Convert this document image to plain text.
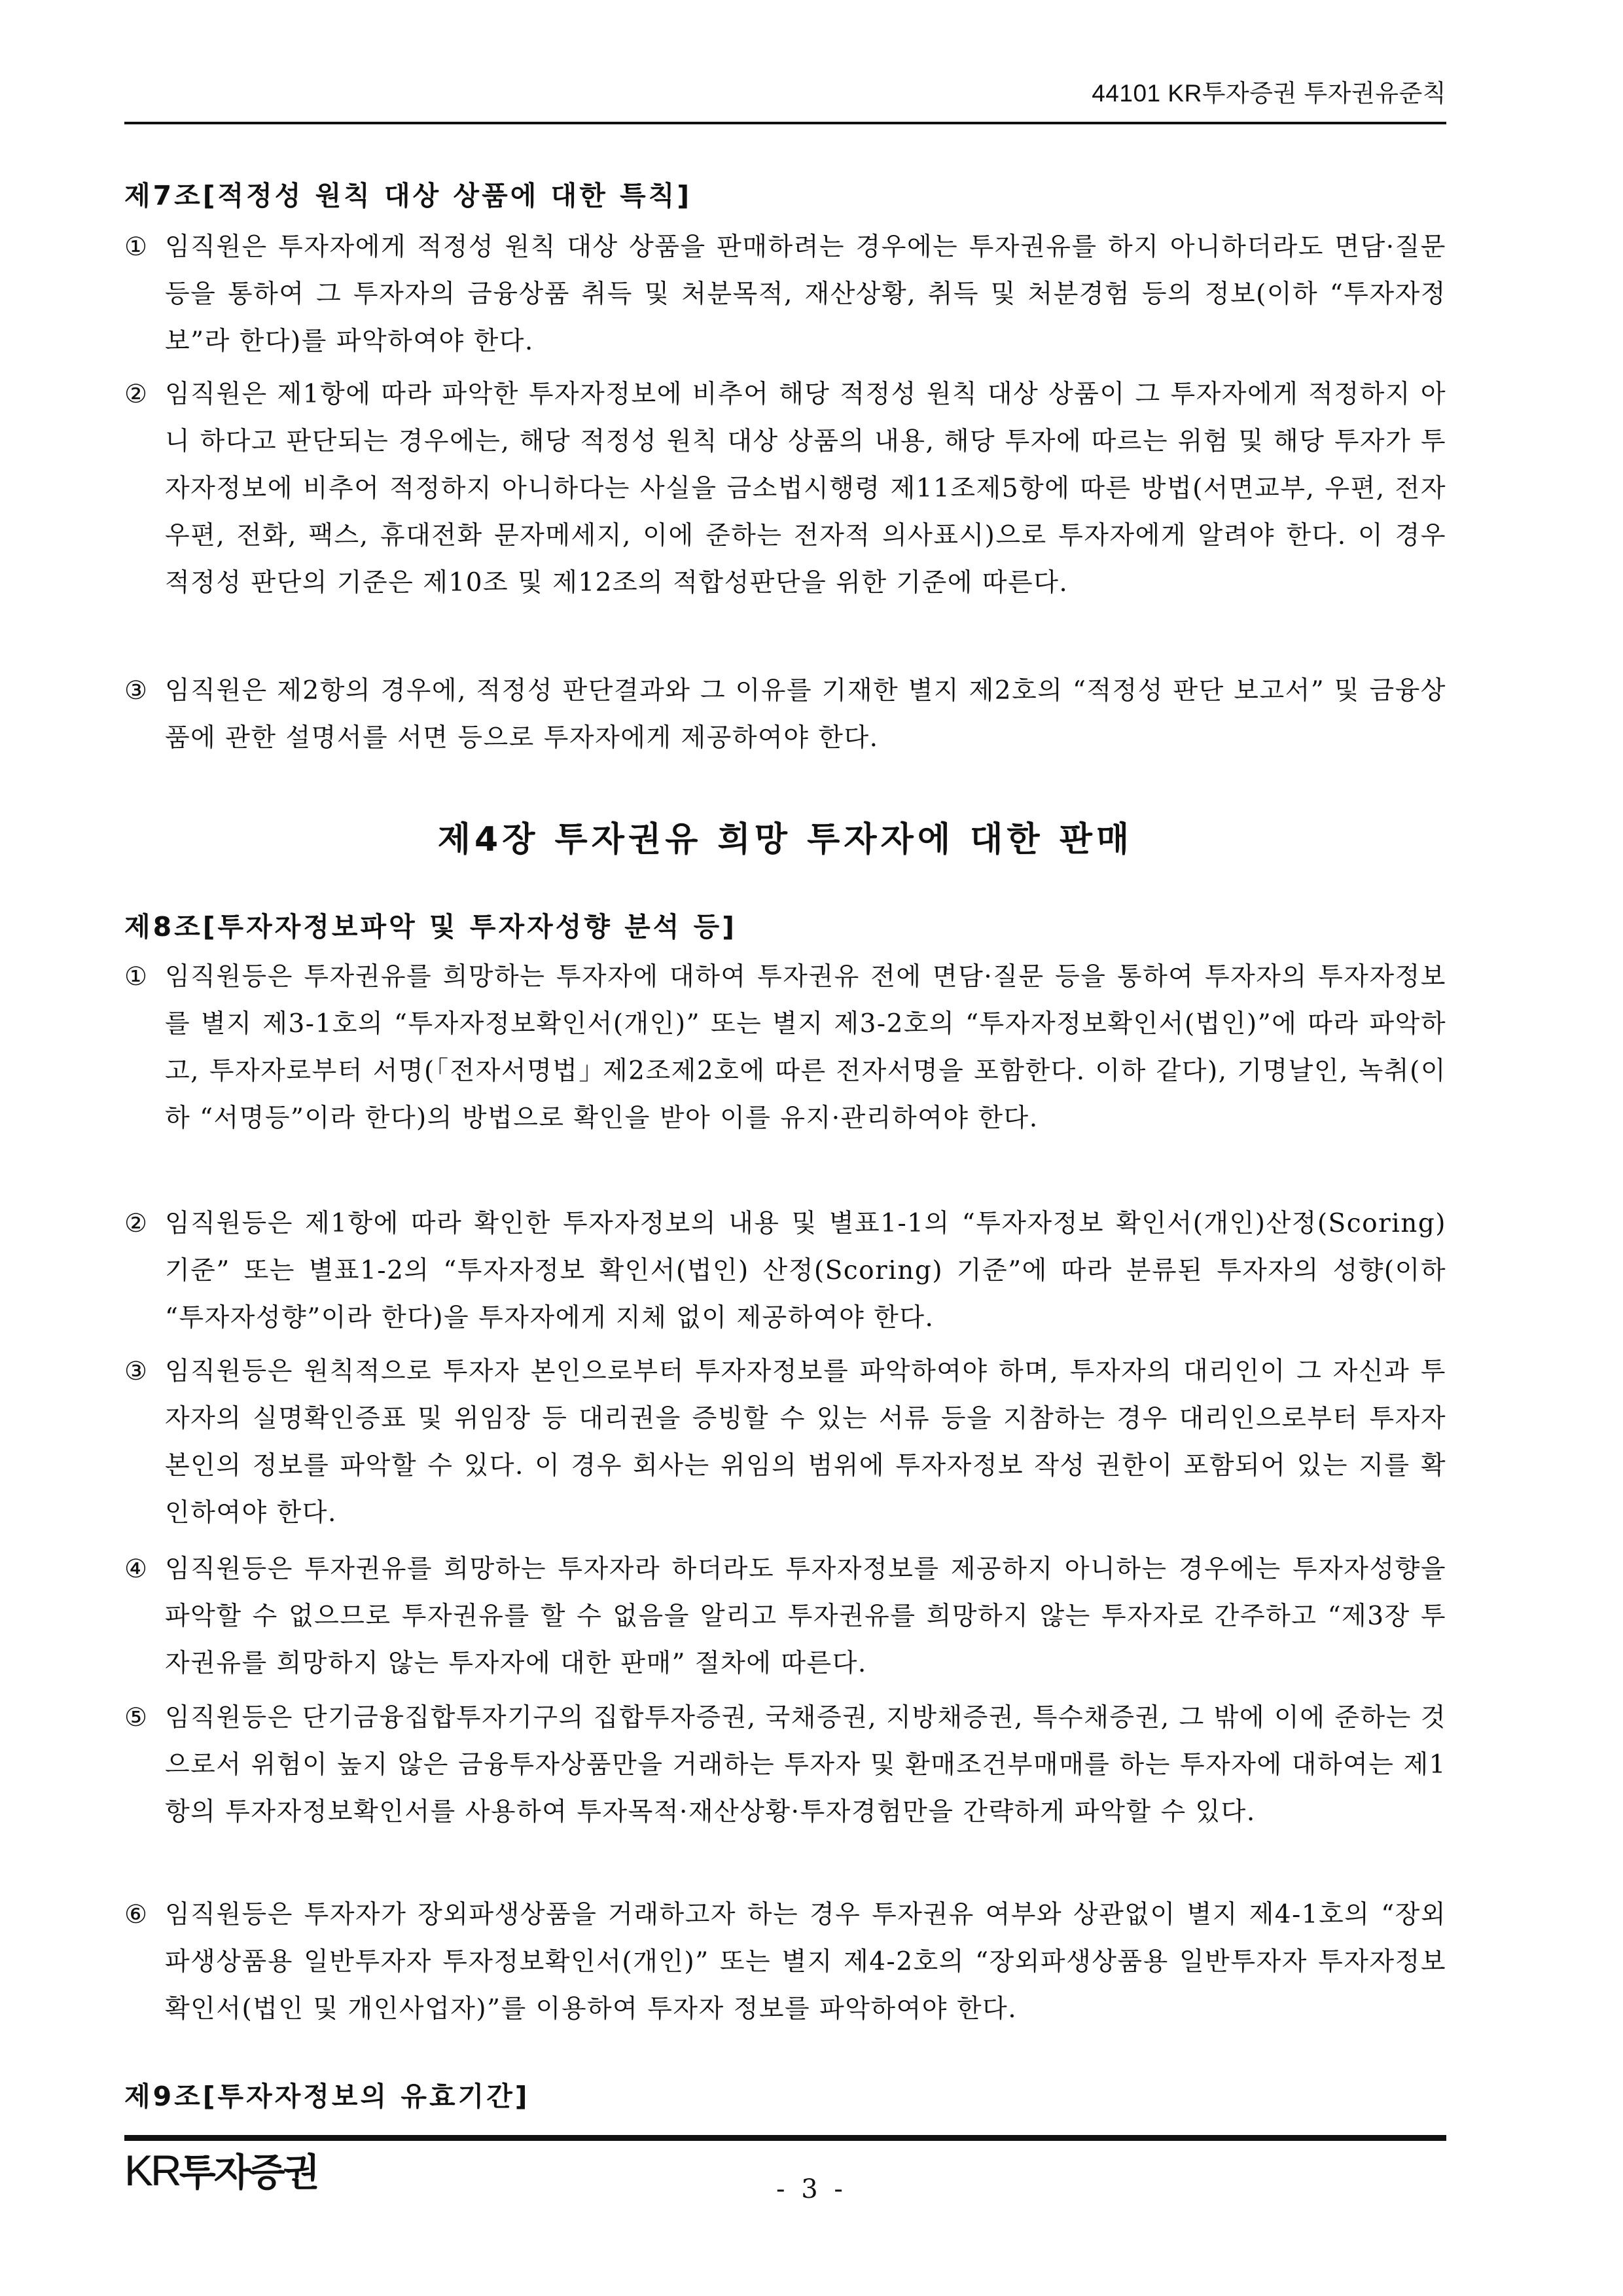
44101 KR투자증권 투자권유준칙
제7조[적정성 원칙 대상 상품에 대한 특칙]
① 임직원은 투자자에게 적정성 원칙 대상 상품을 판매하려는 경우에는 투자권유를 하지 아니하더라도 면담·질문 등을 통하여 그 투자자의 금융상품 취득 및 처분목적, 재산상황, 취득 및 처분경험 등의 정보(이하 “투자자정보”라 한다)를 파악하여야 한다.
② 임직원은 제1항에 따라 파악한 투자자정보에 비추어 해당 적정성 원칙 대상 상품이 그 투자자에게 적정하지 아니 하다고 판단되는 경우에는, 해당 적정성 원칙 대상 상품의 내용, 해당 투자에 따르는 위험 및 해당 투자가 투자자정보에 비추어 적정하지 아니하다는 사실을 금소법시행령 제11조제5항에 따른 방법(서면교부, 우편, 전자우편, 전화, 팩스, 휴대전화 문자메세지, 이에 준하는 전자적 의사표시)으로 투자자에게 알려야 한다. 이 경우 적정성 판단의 기준은 제10조 및 제12조의 적합성판단을 위한 기준에 따른다.
③ 임직원은 제2항의 경우에, 적정성 판단결과와 그 이유를 기재한 별지 제2호의 “적정성 판단 보고서” 및 금융상품에 관한 설명서를 서면 등으로 투자자에게 제공하여야 한다.
제4장 투자권유 희망 투자자에 대한 판매
제8조[투자자정보파악 및 투자자성향 분석 등]
① 임직원등은 투자권유를 희망하는 투자자에 대하여 투자권유 전에 면담·질문 등을 통하여 투자자의 투자자정보를 별지 제3-1호의 “투자자정보확인서(개인)” 또는 별지 제3-2호의 “투자자정보확인서(법인)”에 따라 파악하고, 투자자로부터 서명(｢전자서명법｣ 제2조제2호에 따른 전자서명을 포함한다. 이하 같다), 기명날인, 녹취(이하 “서명등”이라 한다)의 방법으로 확인을 받아 이를 유지·관리하여야 한다.
② 임직원등은 제1항에 따라 확인한 투자자정보의 내용 및 별표1-1의 “투자자정보 확인서(개인)산정(Scoring) 기준” 또는 별표1-2의 “투자자정보 확인서(법인) 산정(Scoring) 기준”에 따라 분류된 투자자의 성향(이하 “투자자성향”이라 한다)을 투자자에게 지체 없이 제공하여야 한다.
③ 임직원등은 원칙적으로 투자자 본인으로부터 투자자정보를 파악하여야 하며, 투자자의 대리인이 그 자신과 투자자의 실명확인증표 및 위임장 등 대리권을 증빙할 수 있는 서류 등을 지참하는 경우 대리인으로부터 투자자 본인의 정보를 파악할 수 있다. 이 경우 회사는 위임의 범위에 투자자정보 작성 권한이 포함되어 있는 지를 확인하여야 한다.
④ 임직원등은 투자권유를 희망하는 투자자라 하더라도 투자자정보를 제공하지 아니하는 경우에는 투자자성향을 파악할 수 없으므로 투자권유를 할 수 없음을 알리고 투자권유를 희망하지 않는 투자자로 간주하고 “제3장 투자권유를 희망하지 않는 투자자에 대한 판매” 절차에 따른다.
⑤ 임직원등은 단기금융집합투자기구의 집합투자증권, 국채증권, 지방채증권, 특수채증권, 그 밖에 이에 준하는 것으로서 위험이 높지 않은 금융투자상품만을 거래하는 투자자 및 환매조건부매매를 하는 투자자에 대하여는 제1항의 투자자정보확인서를 사용하여 투자목적·재산상황·투자경험만을 간략하게 파악할 수 있다.
⑥ 임직원등은 투자자가 장외파생상품을 거래하고자 하는 경우 투자권유 여부와 상관없이 별지 제4-1호의 “장외파생상품용 일반투자자 투자정보확인서(개인)” 또는 별지 제4-2호의 “장외파생상품용 일반투자자 투자자정보확인서(법인 및 개인사업자)”를 이용하여 투자자 정보를 파악하여야 한다.
제9조[투자자정보의 유효기간]
KR투자증권	- 3 -
